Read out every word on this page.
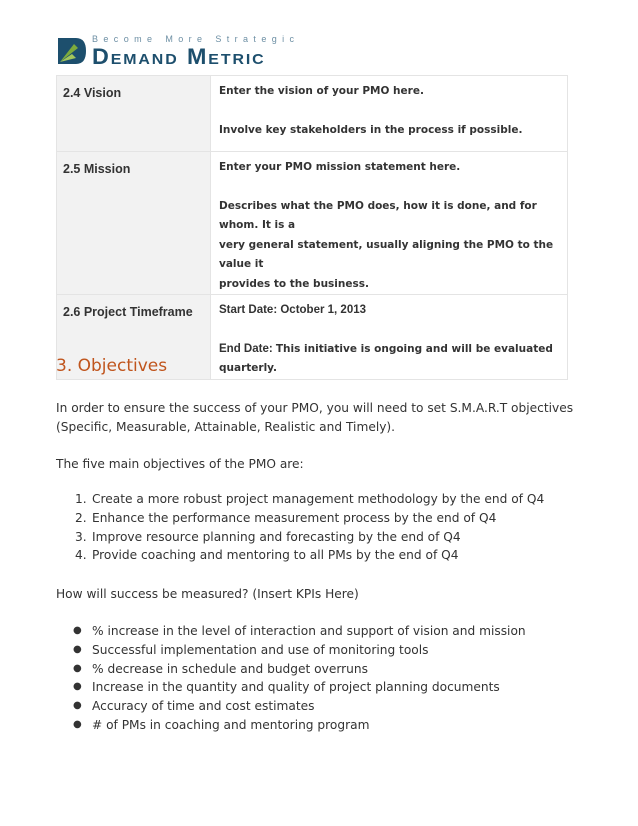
Become More Strategic
Demand Metric
2.4 Vision	Enter the vision of your PMO here.

Involve key stakeholders in the process if possible.

2.5 Mission	Enter your PMO mission statement here.

Describes what the PMO does, how it is done, and for whom. It is a

very general statement, usually aligning the PMO to the value it

provides to the business.

2.6 Project Timeframe	Start Date: October 1, 2013

End Date: This initiative is ongoing and will be evaluated quarterly.

3. Objectives

In order to ensure the success of your PMO, you will need to set S.M.A.R.T objectives
(Specific, Measurable, Attainable, Realistic and Timely).

The five main objectives of the PMO are:

1. Create a more robust project management methodology by the end of Q4
2. Enhance the performance measurement process by the end of Q4
3. Improve resource planning and forecasting by the end of Q4
4. Provide coaching and mentoring to all PMs by the end of Q4

How will success be measured? (Insert KPIs Here)

● % increase in the level of interaction and support of vision and mission
● Successful implementation and use of monitoring tools
● % decrease in schedule and budget overruns
● Increase in the quantity and quality of project planning documents
● Accuracy of time and cost estimates
● # of PMs in coaching and mentoring program
